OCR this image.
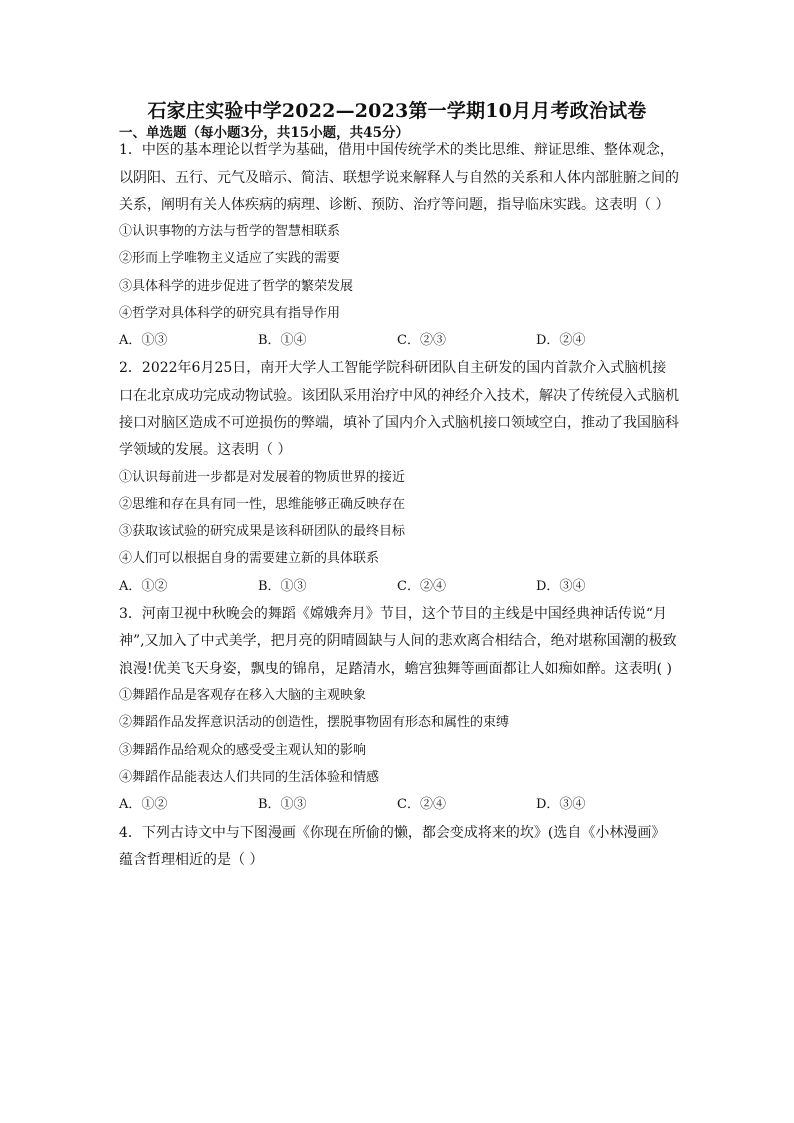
石家庄实验中学2022—2023第一学期10月月考政治试卷
一、单选题（每小题3分，共15小题，共45分）
1．中医的基本理论以哲学为基础，借用中国传统学术的类比思维、辩证思维、整体观念，
以阴阳、五行、元气及暗示、简洁、联想学说来解释人与自然的关系和人体内部脏腑之间的
关系，阐明有关人体疾病的病理、诊断、预防、治疗等问题，指导临床实践。这表明（ ）
①认识事物的方法与哲学的智慧相联系
②形而上学唯物主义适应了实践的需要
③具体科学的进步促进了哲学的繁荣发展
④哲学对具体科学的研究具有指导作用
A．①③	B．①④	C．②③	D．②④
2．2022年6月25日，南开大学人工智能学院科研团队自主研发的国内首款介入式脑机接
口在北京成功完成动物试验。该团队采用治疗中风的神经介入技术，解决了传统侵入式脑机
接口对脑区造成不可逆损伤的弊端，填补了国内介入式脑机接口领域空白，推动了我国脑科
学领域的发展。这表明（ ）
①认识每前进一步都是对发展着的物质世界的接近
②思维和存在具有同一性，思维能够正确反映存在
③获取该试验的研究成果是该科研团队的最终目标
④人们可以根据自身的需要建立新的具体联系
A．①②	B．①③	C．②④	D．③④
3．河南卫视中秋晚会的舞蹈《嫦娥奔月》节目，这个节目的主线是中国经典神话传说“月
神”,又加入了中式美学，把月亮的阴晴圆缺与人间的悲欢离合相结合，绝对堪称国潮的极致
浪漫!优美飞天身姿，飘曳的锦帛，足踏清水，蟾宫独舞等画面都让人如痴如醉。这表明( )
①舞蹈作品是客观存在移入大脑的主观映象
②舞蹈作品发挥意识活动的创造性，摆脱事物固有形态和属性的束缚
③舞蹈作品给观众的感受受主观认知的影响
④舞蹈作品能表达人们共同的生活体验和情感
A．①②	B．①③	C．②④	D．③④
4．下列古诗文中与下图漫画《你现在所偷的懒，都会变成将来的坎》(选自《小林漫画》
蕴含哲理相近的是（ ）
